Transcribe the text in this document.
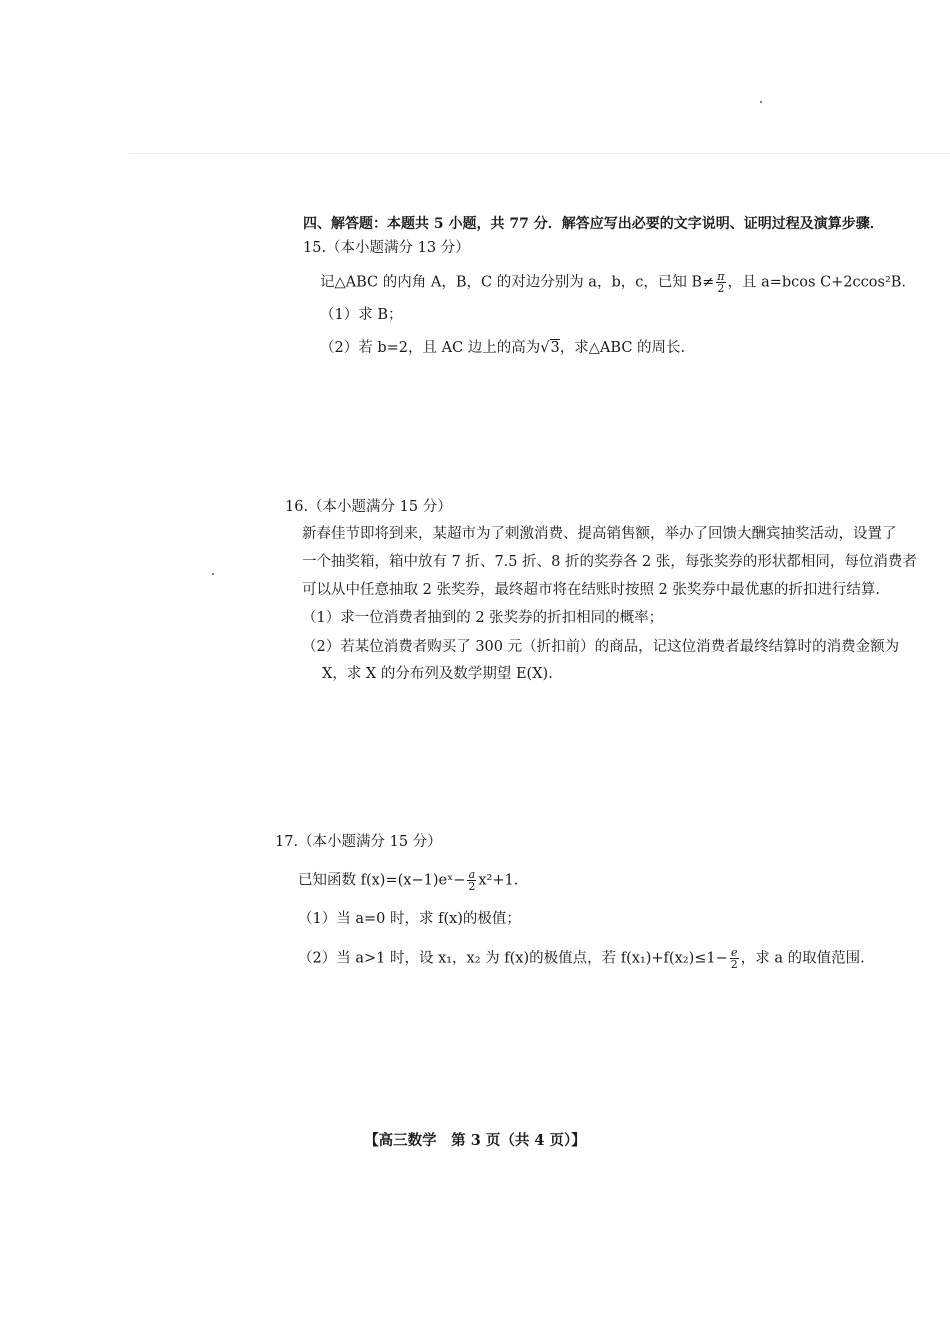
四、解答题：本题共 5 小题，共 77 分．解答应写出必要的文字说明、证明过程及演算步骤．
15.（本小题满分 13 分）
记△ABC 的内角 A，B，C 的对边分别为 a，b，c，已知 $B\ne \frac{\pi}{2}$ ，且 a=bcos C+2ccos²B.
（1）求 B；
（2）若 b=2，且 AC 边上的高为√3，求△ABC 的周长.
16.（本小题满分 15 分）
新春佳节即将到来，某超市为了刺激消费、提高销售额，举办了回馈大酬宾抽奖活动，设置了
一个抽奖箱，箱中放有 7 折、7.5 折、8 折的奖券各 2 张，每张奖券的形状都相同，每位消费者
可以从中任意抽取 2 张奖券，最终超市将在结账时按照 2 张奖券中最优惠的折扣进行结算.
（1）求一位消费者抽到的 2 张奖券的折扣相同的概率；
（2）若某位消费者购买了 300 元（折扣前）的商品，记这位消费者最终结算时的消费金额为
X，求 X 的分布列及数学期望 E(X).
17.（本小题满分 15 分）
已知函数 f(x)=(x−1)eˣ− $\frac{a}{2} x^2+1$.
（1）当 a=0 时，求 f(x)的极值；
（2）当 a>1 时，设 x₁，x₂ 为 f(x)的极值点，若 $f(x_1)+f(x_2)\le 1- \frac{e}{2}$ ，求 a 的取值范围.
【高三数学　第 3 页（共 4 页）】
